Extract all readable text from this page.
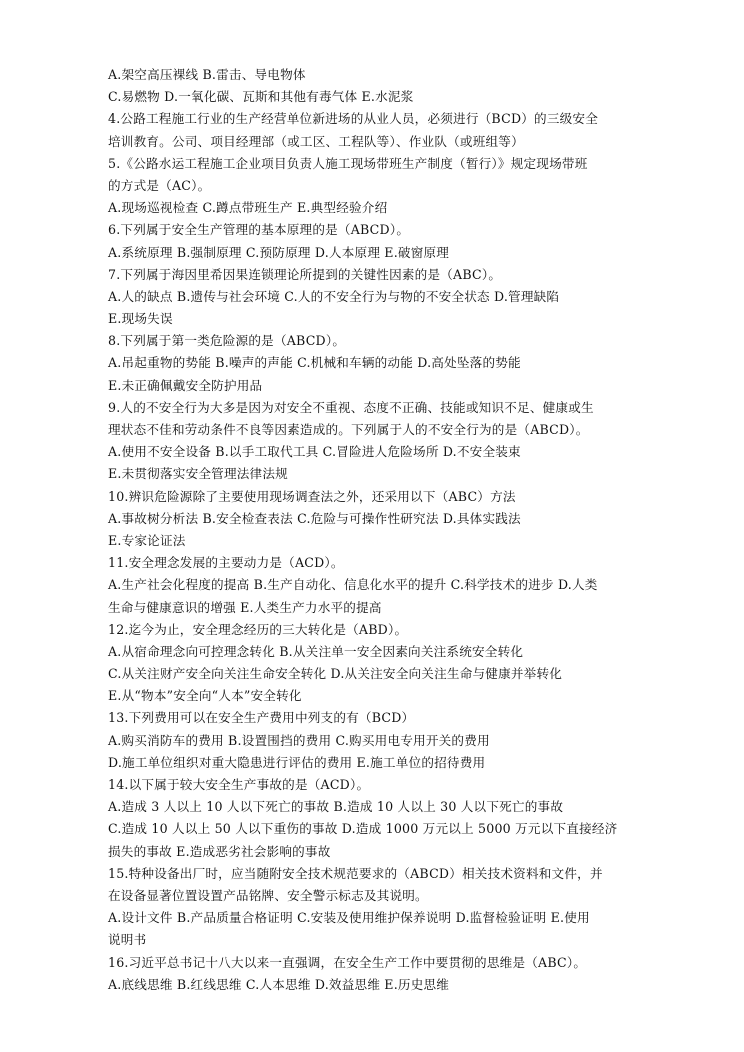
A.架空高压裸线 B.雷击、导电物体
C.易燃物 D.一氧化碳、瓦斯和其他有毒气体 E.水泥浆
4.公路工程施工行业的生产经营单位新进场的从业人员，必须进行（BCD）的三级安全
培训教育。公司、项目经理部（或工区、工程队等）、作业队（或班组等）
5.《公路水运工程施工企业项目负责人施工现场带班生产制度（暂行）》规定现场带班
的方式是（AC）。
A.现场巡视检查 C.蹲点带班生产 E.典型经验介绍
6.下列属于安全生产管理的基本原理的是（ABCD）。
A.系统原理 B.强制原理 C.预防原理 D.人本原理 E.破窗原理
7.下列属于海因里希因果连锁理论所提到的关键性因素的是（ABC）。
A.人的缺点 B.遗传与社会环境 C.人的不安全行为与物的不安全状态 D.管理缺陷
E.现场失误
8.下列属于第一类危险源的是（ABCD）。
A.吊起重物的势能 B.噪声的声能 C.机械和车辆的动能 D.高处坠落的势能
E.未正确佩戴安全防护用品
9.人的不安全行为大多是因为对安全不重视、态度不正确、技能或知识不足、健康或生
理状态不佳和劳动条件不良等因素造成的。下列属于人的不安全行为的是（ABCD）。
A.使用不安全设备 B.以手工取代工具 C.冒险进人危险场所 D.不安全装束
E.未贯彻落实安全管理法律法规
10.辨识危险源除了主要使用现场调查法之外，还采用以下（ABC）方法
A.事故树分析法 B.安全检查表法 C.危险与可操作性研究法 D.具体实践法
E.专家论证法
11.安全理念发展的主要动力是（ACD）。
A.生产社会化程度的提高 B.生产自动化、信息化水平的提升 C.科学技术的进步 D.人类
生命与健康意识的增强 E.人类生产力水平的提高
12.迄今为止，安全理念经历的三大转化是（ABD）。
A.从宿命理念向可控理念转化 B.从关注单一安全因素向关注系统安全转化
C.从关注财产安全向关注生命安全转化 D.从关注安全向关注生命与健康并举转化
E.从“物本”安全向“人本”安全转化
13.下列费用可以在安全生产费用中列支的有（BCD）
A.购买消防车的费用 B.设置围挡的费用 C.购买用电专用开关的费用
D.施工单位组织对重大隐患进行评估的费用 E.施工单位的招待费用
14.以下属于较大安全生产事故的是（ACD）。
A.造成 3 人以上 10 人以下死亡的事故 B.造成 10 人以上 30 人以下死亡的事故
C.造成 10 人以上 50 人以下重伤的事故 D.造成 1000 万元以上 5000 万元以下直接经济
损失的事故 E.造成恶劣社会影响的事故
15.特种设备出厂时，应当随附安全技术规范要求的（ABCD）相关技术资料和文件，并
在设备显著位置设置产品铭牌、安全警示标志及其说明。
A.设计文件 B.产品质量合格证明 C.安装及使用维护保养说明 D.监督检验证明 E.使用
说明书
16.习近平总书记十八大以来一直强调，在安全生产工作中要贯彻的思维是（ABC）。
A.底线思维 B.红线思维 C.人本思维 D.效益思维 E.历史思维
